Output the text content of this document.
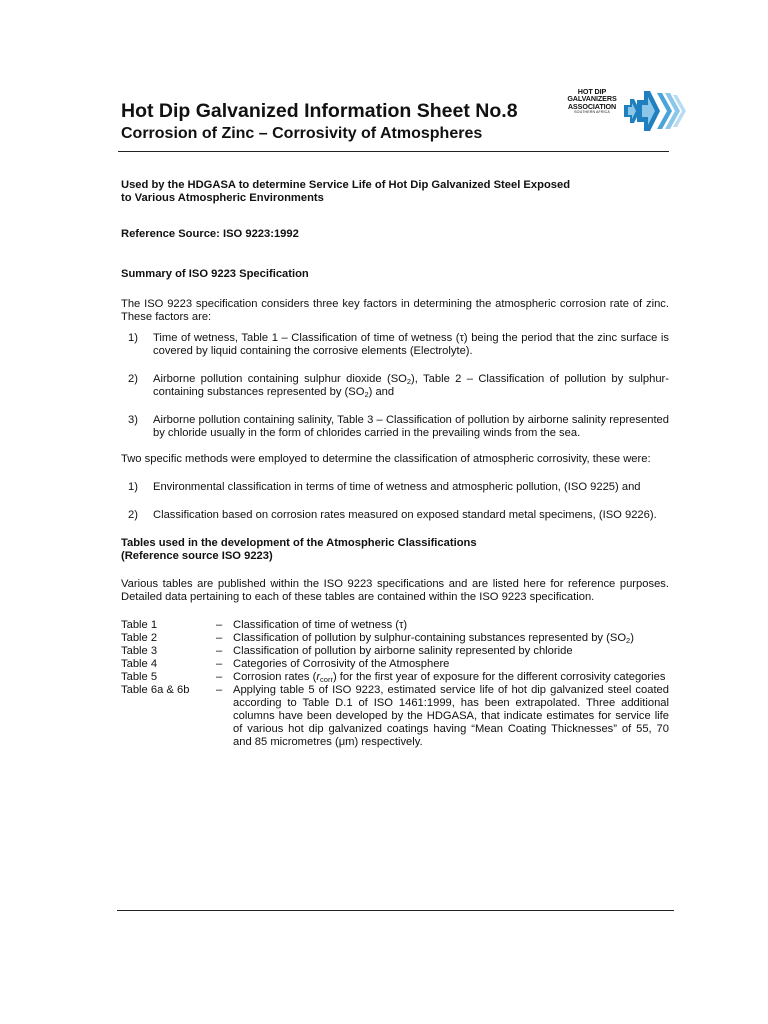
Hot Dip Galvanized Information Sheet No.8
Corrosion of Zinc – Corrosivity of Atmospheres
HOT DIP
GALVANIZERS
ASSOCIATION
SOUTHERN AFRICA

Used by the HDGASA to determine Service Life of Hot Dip Galvanized Steel Exposed
to Various Atmospheric Environments

Reference Source: ISO 9223:1992

Summary of ISO 9223 Specification

The ISO 9223 specification considers three key factors in determining the atmospheric corrosion rate of zinc. These factors are:

1) Time of wetness, Table 1 – Classification of time of wetness (τ) being the period that the zinc surface is covered by liquid containing the corrosive elements (Electrolyte).
2) Airborne pollution containing sulphur dioxide $(SO_2)$, Table 2 – Classification of pollution by sulphur-containing substances represented by $(SO_2)$ and
3) Airborne pollution containing salinity, Table 3 – Classification of pollution by airborne salinity represented by chloride usually in the form of chlorides carried in the prevailing winds from the sea.

Two specific methods were employed to determine the classification of atmospheric corrosivity, these were:

1) Environmental classification in terms of time of wetness and atmospheric pollution, (ISO 9225) and
2) Classification based on corrosion rates measured on exposed standard metal specimens, (ISO 9226).

Tables used in the development of the Atmospheric Classifications
(Reference source ISO 9223)

Various tables are published within the ISO 9223 specifications and are listed here for reference purposes. Detailed data pertaining to each of these tables are contained within the ISO 9223 specification.

Table 1	– Classification of time of wetness (τ)
Table 2	– Classification of pollution by sulphur-containing substances represented by $(SO_2)$
Table 3	– Classification of pollution by airborne salinity represented by chloride
Table 4	– Categories of Corrosivity of the Atmosphere
Table 5	– Corrosion rates $(r_{corr})$ for the first year of exposure for the different corrosivity categories
Table 6a & 6b	– Applying table 5 of ISO 9223, estimated service life of hot dip galvanized steel coated according to Table D.1 of ISO 1461:1999, has been extrapolated. Three additional columns have been developed by the HDGASA, that indicate estimates for service life of various hot dip galvanized coatings having “Mean Coating Thicknesses” of 55, 70 and 85 micrometres (μm) respectively.
